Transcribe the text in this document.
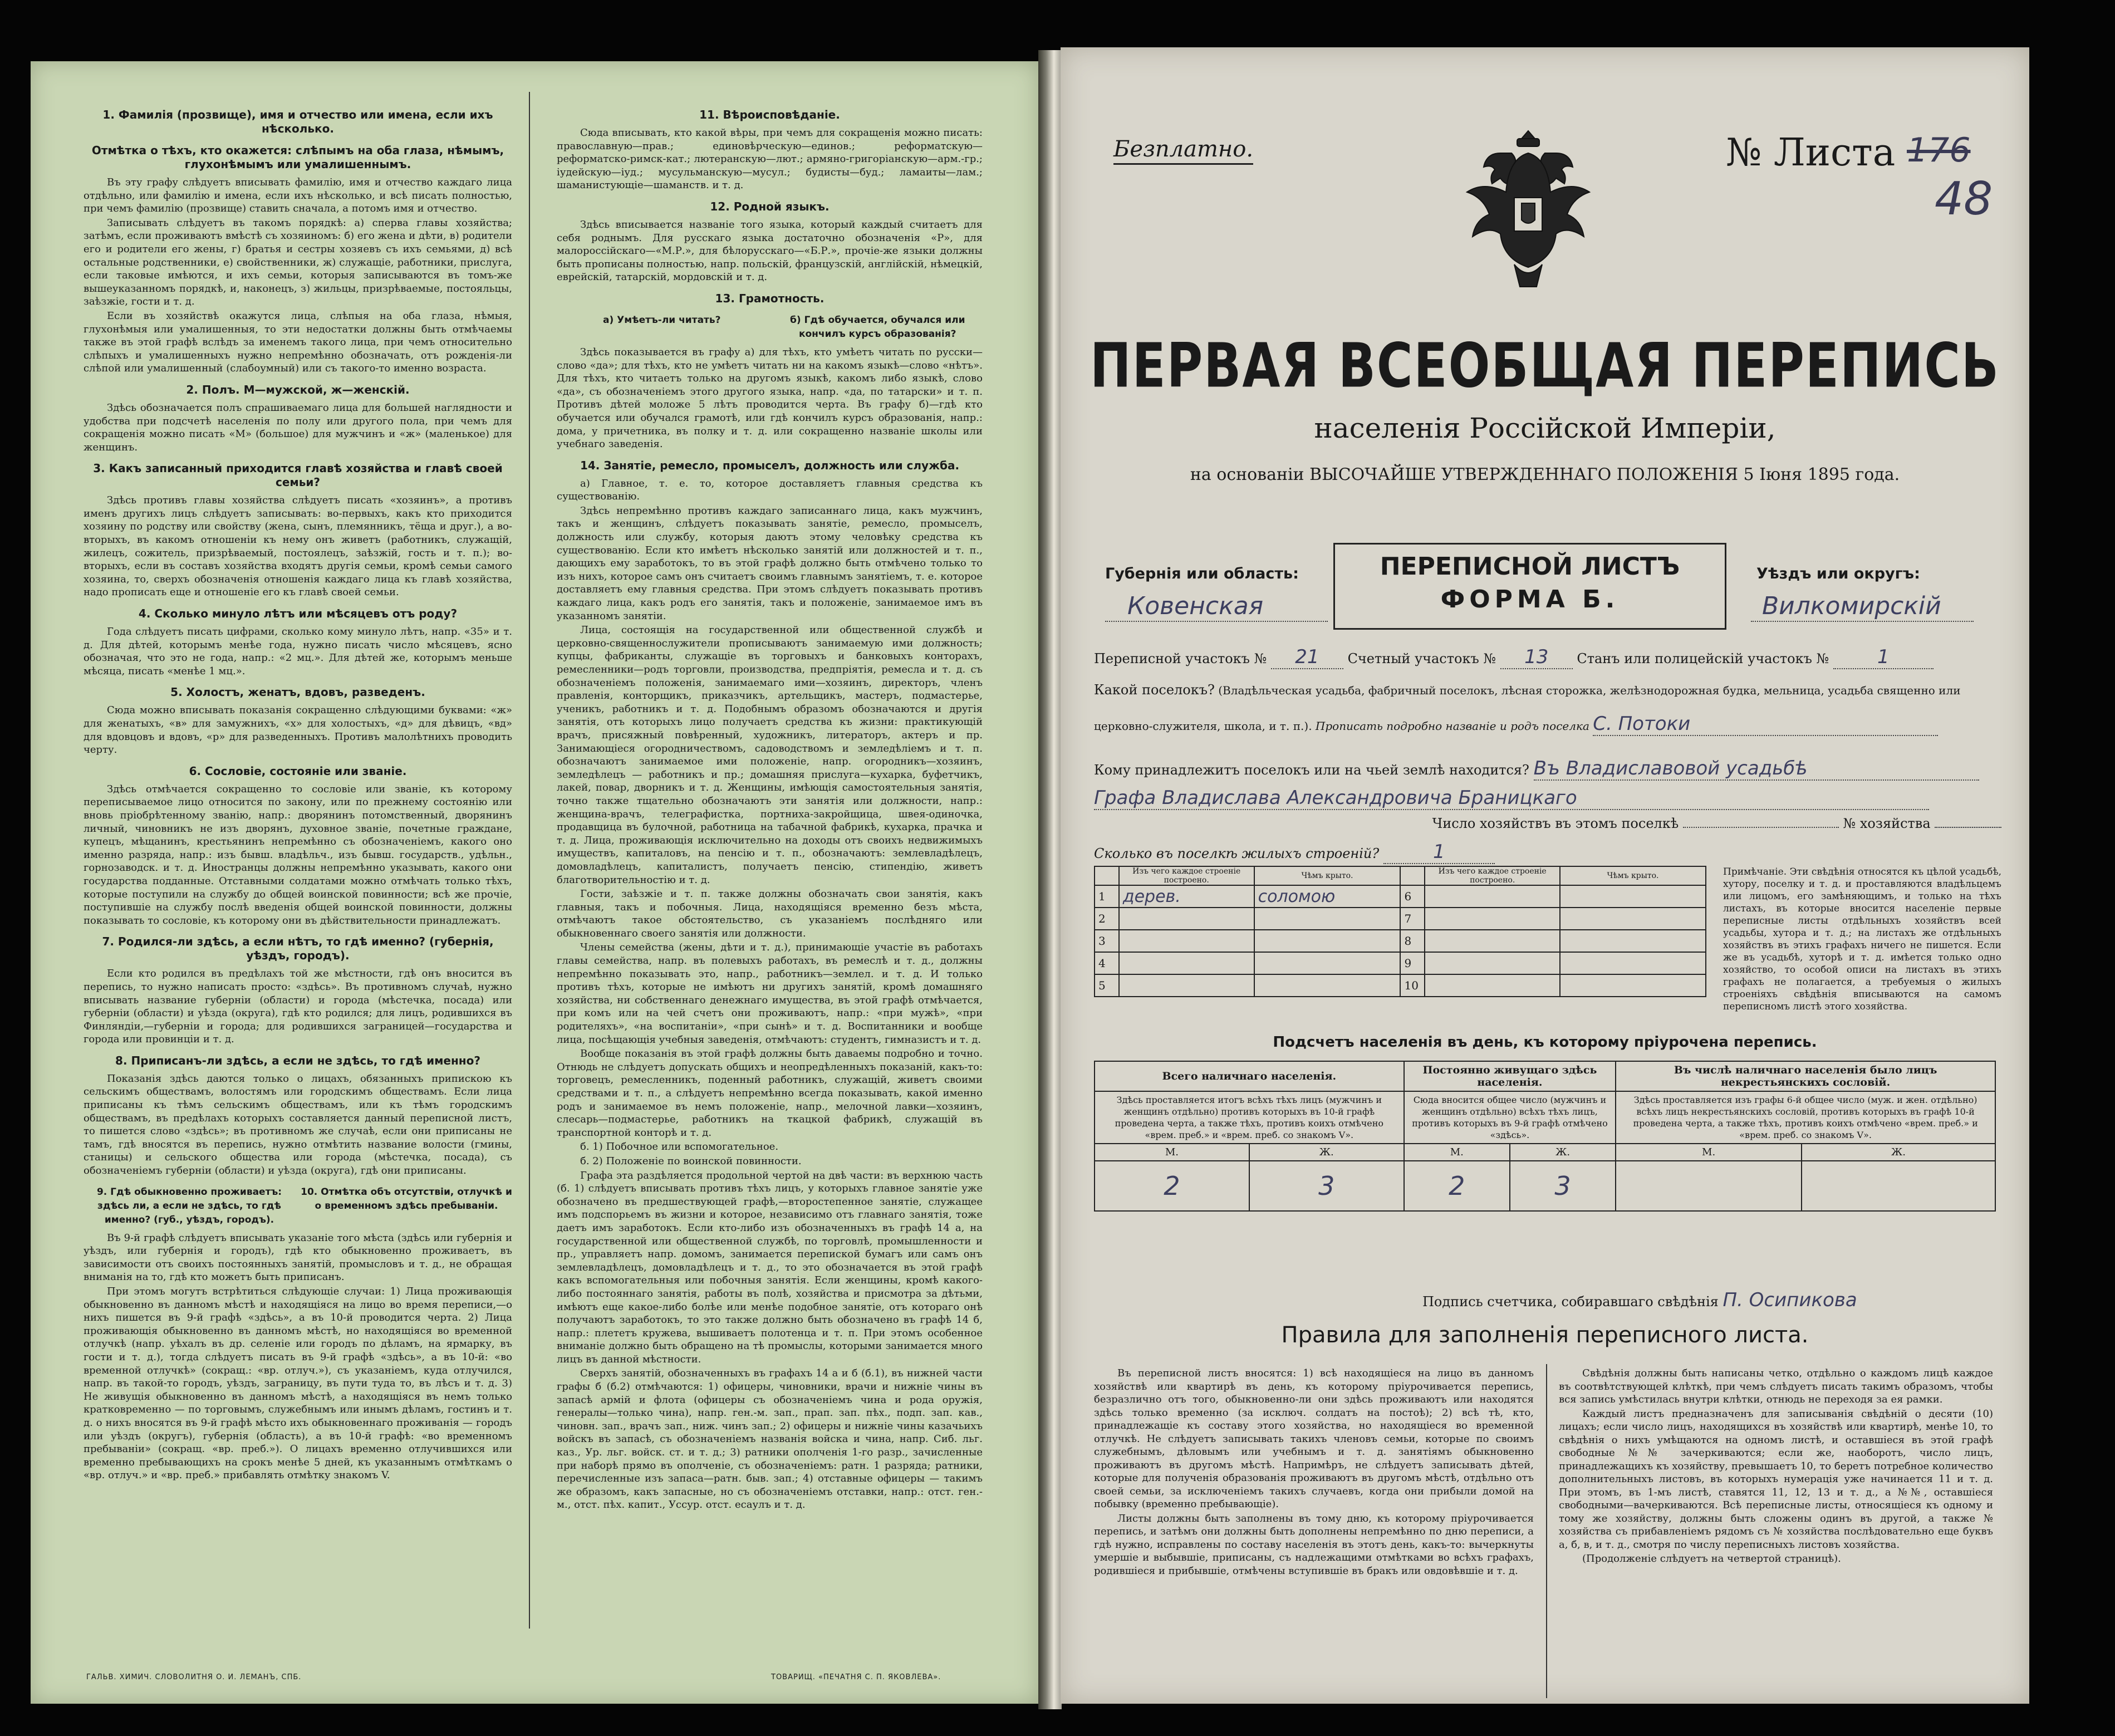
1. Фамилія (прозвище), имя и отчество или имена, если ихъ нѣсколько.
Отмѣтка о тѣхъ, кто окажется: слѣпымъ на оба глаза, нѣмымъ, глухонѣмымъ или умалишеннымъ.
Въ эту графу слѣдуетъ вписывать фамилію, имя и отчество каждаго лица отдѣльно, или фамилію и имена, если ихъ нѣсколько, и всѣ писать полностью, при чемъ фамилію (прозвище) ставить сначала, а потомъ имя и отчество.
Записывать слѣдуетъ въ такомъ порядкѣ: а) сперва главы хозяйства; затѣмъ, если проживаютъ вмѣстѣ съ хозяиномъ: б) его жена и дѣти, в) родители его и родители его жены, г) братья и сестры хозяевъ съ ихъ семьями, д) всѣ остальные родственники, е) свойственники, ж) служащіе, работники, прислуга, если таковые имѣются, и ихъ семьи, которыя записываются въ томъ-же вышеуказанномъ порядкѣ, и, наконецъ, з) жильцы, призрѣваемые, постояльцы, заѣзжіе, гости и т. д.
Если въ хозяйствѣ окажутся лица, слѣпыя на оба глаза, нѣмыя, глухонѣмыя или умалишенныя, то эти недостатки должны быть отмѣчаемы также въ этой графѣ вслѣдъ за именемъ такого лица, при чемъ относительно слѣпыхъ и умалишенныхъ нужно непремѣнно обозначать, отъ рожденія-ли слѣпой или умалишенный (слабоумный) или съ такого-то именно возраста.
2. Полъ. М—мужской, ж—женскій.
Здѣсь обозначается полъ спрашиваемаго лица для большей наглядности и удобства при подсчетѣ населенія по полу или другого пола, при чемъ для сокращенія можно писать «М» (большое) для мужчинъ и «ж» (маленькое) для женщинъ.
3. Какъ записанный приходится главѣ хозяйства и главѣ своей семьи?
Здѣсь противъ главы хозяйства слѣдуетъ писать «хозяинъ», а противъ именъ другихъ лицъ слѣдуетъ записывать: во-первыхъ, какъ кто приходится хозяину по родству или свойству (жена, сынъ, племянникъ, тёща и друг.), а во-вторыхъ, въ какомъ отношеніи къ нему онъ живетъ (работникъ, служащій, жилецъ, сожитель, призрѣваемый, постоялецъ, заѣзжій, гость и т. п.); во-вторыхъ, если въ составъ хозяйства входятъ другія семьи, кромѣ семьи самого хозяина, то, сверхъ обозначенія отношенія каждаго лица къ главѣ хозяйства, надо прописать еще и отношеніе его къ главѣ своей семьи.
4. Сколько минуло лѣтъ или мѣсяцевъ отъ роду?
Года слѣдуетъ писать цифрами, сколько кому минуло лѣтъ, напр. «35» и т. д. Для дѣтей, которымъ менѣе года, нужно писать число мѣсяцевъ, ясно обозначая, что это не года, напр.: «2 мц.». Для дѣтей же, которымъ меньше мѣсяца, писать «менѣе 1 мц.».
5. Холостъ, женатъ, вдовъ, разведенъ.
Сюда можно вписывать показанія сокращенно слѣдующими буквами: «ж» для женатыхъ, «в» для замужнихъ, «х» для холостыхъ, «д» для дѣвицъ, «вд» для вдовцовъ и вдовъ, «р» для разведенныхъ. Противъ малолѣтнихъ проводить черту.
6. Сословіе, состояніе или званіе.
Здѣсь отмѣчается сокращенно то сословіе или званіе, къ которому переписываемое лицо относится по закону, или по прежнему состоянію или вновь пріобрѣтенному званію, напр.: дворянинъ потомственный, дворянинъ личный, чиновникъ не изъ дворянъ, духовное званіе, почетные граждане, купецъ, мѣщанинъ, крестьянинъ непремѣнно съ обозначеніемъ, какого оно именно разряда, напр.: изъ бывш. владѣльч., изъ бывш. государств., удѣльн., горнозаводск. и т. д. Иностранцы должны непремѣнно указывать, какого они государства подданные. Отставными солдатами можно отмѣчать только тѣхъ, которые поступили на службу до общей воинской повинности; всѣ же прочіе, поступившіе на службу послѣ введенія общей воинской повинности, должны показывать то сословіе, къ которому они въ дѣйствительности принадлежатъ.
7. Родился-ли здѣсь, а если нѣтъ, то гдѣ именно? (губернія, уѣздъ, городъ).
Если кто родился въ предѣлахъ той же мѣстности, гдѣ онъ вносится въ перепись, то нужно написать просто: «здѣсь». Въ противномъ случаѣ, нужно вписывать название губерніи (области) и города (мѣстечка, посада) или губерніи (области) и уѣзда (округа), гдѣ кто родился; для лицъ, родившихся въ Финляндіи,—губерніи и города; для родившихся заграницей—государства и города или провинціи и т. д.
8. Приписанъ-ли здѣсь, а если не здѣсь, то гдѣ именно?
Показанія здѣсь даются только о лицахъ, обязанныхъ припискою къ сельскимъ обществамъ, волостямъ или городскимъ обществамъ. Если лица приписаны къ тѣмъ сельскимъ обществамъ, или къ тѣмъ городскимъ обществамъ, въ предѣлахъ которыхъ составляется данный переписной листъ, то пишется слово «здѣсь»; въ противномъ же случаѣ, если они приписаны не тамъ, гдѣ вносятся въ перепись, нужно отмѣтить название волости (гмины, станицы) и сельского общества или города (мѣстечка, посада), съ обозначеніемъ губерніи (области) и уѣзда (округа), гдѣ они приписаны.
9. Гдѣ обыкновенно проживаетъ: здѣсь ли, а если не здѣсь, то гдѣ именно? (губ., уѣздъ, городъ).
10. Отмѣтка объ отсутствіи, отлучкѣ и о временномъ здѣсь пребываніи.
Въ 9-й графѣ слѣдуетъ вписывать указаніе того мѣста (здѣсь или губернія и уѣздъ, или губернія и городъ), гдѣ кто обыкновенно проживаетъ, въ зависимости отъ своихъ постоянныхъ занятій, промысловъ и т. д., не обращая вниманія на то, гдѣ кто можетъ быть приписанъ.
При этомъ могутъ встрѣтиться слѣдующіе случаи: 1) Лица проживающія обыкновенно въ данномъ мѣстѣ и находящіяся на лицо во время переписи,—о нихъ пишется въ 9-й графѣ «здѣсь», а въ 10-й проводится черта. 2) Лица проживающія обыкновенно въ данномъ мѣстѣ, но находящіяся во временной отлучкѣ (напр. уѣхалъ въ др. селеніе или городъ по дѣламъ, на ярмарку, въ гости и т. д.), тогда слѣдуетъ писать въ 9-й графѣ «здѣсь», а въ 10-й: «во временной отлучкѣ» (сокращ.: «вр. отлуч.»), съ указаніемъ, куда отлучился, напр. въ такой-то городъ, уѣздъ, заграницу, въ пути туда то, въ лѣсъ и т. д. 3) Не живущія обыкновенно въ данномъ мѣстѣ, а находящіяся въ немъ только кратковременно — по торговымъ, служебнымъ или инымъ дѣламъ, гостинъ и т. д. о нихъ вносятся въ 9-й графѣ мѣсто ихъ обыкновеннаго проживанія — городъ или уѣздъ (округъ), губернія (область), а въ 10-й графѣ: «во временномъ пребываніи» (сокращ. «вр. преб.»). О лицахъ временно отлучившихся или временно пребывающихъ на срокъ менѣе 5 дней, къ указаннымъ отмѣткамъ о «вр. отлуч.» и «вр. преб.» прибавлять отмѣтку знакомъ V.
11. Вѣроисповѣданіе.
Сюда вписывать, кто какой вѣры, при чемъ для сокращенія можно писать: православную—прав.; единовѣрческую—единов.; реформатскую—реформатско-римск-кат.; лютеранскую—лют.; армяно-григоріанскую—арм.-гр.; іудейскую—іуд.; мусульманскую—мусул.; будисты—буд.; ламаиты—лам.; шаманистующіе—шаманств. и т. д.
12. Родной языкъ.
Здѣсь вписывается названіе того языка, который каждый считаетъ для себя роднымъ. Для русскаго языка достаточно обозначенія «Р», для малороссійскаго—«М.Р.», для бѣлорусскаго—«Б.Р.», прочіе-же языки должны быть прописаны полностью, напр. польскій, французскій, англійскій, нѣмецкій, еврейскій, татарскій, мордовскій и т. д.
13. Грамотность.
а) Умѣетъ-ли читать?	б) Гдѣ обучается, обучался или кончилъ курсъ образованія?
Здѣсь показывается въ графу а) для тѣхъ, кто умѣетъ читать по русски—слово «да»; для тѣхъ, кто не умѣетъ читать ни на какомъ языкѣ—слово «нѣтъ». Для тѣхъ, кто читаетъ только на другомъ языкѣ, какомъ либо языкѣ, слово «да», съ обозначеніемъ этого другого языка, напр. «да, по татарски» и т. п. Противъ дѣтей моложе 5 лѣтъ проводится черта. Въ графу б)—гдѣ кто обучается или обучался грамотѣ, или гдѣ кончилъ курсъ образованія, напр.: дома, у причетника, въ полку и т. д. или сокращенно названіе школы или учебнаго заведенія.
14. Занятіе, ремесло, промыселъ, должность или служба.
а) Главное, т. е. то, которое доставляетъ главныя средства къ существованію.
Здѣсь непремѣнно противъ каждаго записаннаго лица, какъ мужчинъ, такъ и женщинъ, слѣдуетъ показывать занятіе, ремесло, промыселъ, должность или службу, которыя даютъ этому человѣку средства къ существованію. Если кто имѣетъ нѣсколько занятій или должностей и т. п., дающихъ ему заработокъ, то въ этой графѣ должно быть отмѣчено только то изъ нихъ, которое самъ онъ считаетъ своимъ главнымъ занятіемъ, т. е. которое доставляетъ ему главныя средства. При этомъ слѣдуетъ показывать противъ каждаго лица, какъ родъ его занятія, такъ и положеніе, занимаемое имъ въ указанномъ занятіи.
Лица, состоящія на государственной или общественной службѣ и церковно-священнослужители прописываютъ занимаемую ими должность; купцы, фабриканты, служащіе въ торговыхъ и банковыхъ конторахъ, ремесленники—родъ торговли, производства, предпріятія, ремесла и т. д. съ обозначеніемъ положенія, занимаемаго ими—хозяинъ, директоръ, членъ правленія, конторщикъ, приказчикъ, артельщикъ, мастеръ, подмастерье, ученикъ, работникъ и т. д. Подобнымъ образомъ обозначаются и другія занятія, отъ которыхъ лицо получаетъ средства къ жизни: практикующій врачъ, присяжный повѣренный, художникъ, литераторъ, актеръ и пр. Занимающіеся огородничествомъ, садоводствомъ и земледѣліемъ и т. п. обозначаютъ занимаемое ими положеніе, напр. огородникъ—хозяинъ, земледѣлецъ — работникъ и пр.; домашняя прислуга—кухарка, буфетчикъ, лакей, повар, дворникъ и т. д. Женщины, имѣющія самостоятельныя занятія, точно также тщательно обозначаютъ эти занятія или должности, напр.: женщина-врачъ, телеграфистка, портниха-закройщица, швея-одиночка, продавщица въ булочной, работница на табачной фабрикѣ, кухарка, прачка и т. д. Лица, проживающія исключительно на доходы отъ своихъ недвижимыхъ имуществъ, капиталовъ, на пенсію и т. п., обозначаютъ: землевладѣлецъ, домовладѣлецъ, капиталистъ, получаетъ пенсію, стипендію, живетъ благотворительностію и т. д.
Гости, заѣзжіе и т. п. также должны обозначать свои занятія, какъ главныя, такъ и побочныя. Лица, находящіяся временно безъ мѣста, отмѣчаютъ такое обстоятельство, съ указаніемъ послѣдняго или обыкновеннаго своего занятія или должности.
Члены семейства (жены, дѣти и т. д.), принимающіе участіе въ работахъ главы семейства, напр. въ полевыхъ работахъ, въ ремеслѣ и т. д., должны непремѣнно показывать это, напр., работникъ—землел. и т. д. И только противъ тѣхъ, которые не имѣютъ ни другихъ занятій, кромѣ домашняго хозяйства, ни собственнаго денежнаго имущества, въ этой графѣ отмѣчается, при комъ или на чей счетъ они проживаютъ, напр.: «при мужѣ», «при родителяхъ», «на воспитаніи», «при сынѣ» и т. д. Воспитанники и вообще лица, посѣщающія учебныя заведенія, отмѣчаютъ: студентъ, гимназистъ и т. д.
Вообще показанія въ этой графѣ должны быть даваемы подробно и точно. Отнюдь не слѣдуетъ допускать общихъ и неопредѣленныхъ показаній, какъ-то: торговецъ, ремесленникъ, поденный работникъ, служащій, живетъ своими средствами и т. п., а слѣдуетъ непремѣнно всегда показывать, какой именно родъ и занимаемое въ немъ положеніе, напр., мелочной лавки—хозяинъ, слесарь—подмастерье, работникъ на ткацкой фабрикѣ, служащій въ транспортной конторѣ и т. д.
б. 1) Побочное или вспомогательное.
б. 2) Положеніе по воинской повинности.
Графа эта раздѣляется продольной чертой на двѣ части: въ верхнюю часть (б. 1) слѣдуетъ вписывать противъ тѣхъ лицъ, у которыхъ главное занятіе уже обозначено въ предшествующей графѣ,—второстепенное занятіе, служащее имъ подспорьемъ въ жизни и которое, независимо отъ главнаго занятія, тоже даетъ имъ заработокъ. Если кто-либо изъ обозначенныхъ въ графѣ 14 а, на государственной или общественной службѣ, по торговлѣ, промышленности и пр., управляетъ напр. домомъ, занимается перепиской бумагъ или самъ онъ землевладѣлецъ, домовладѣлецъ и т. д., то это обозначается въ этой графѣ какъ вспомогательныя или побочныя занятія. Если женщины, кромѣ какого-либо постояннаго занятія, работы въ полѣ, хозяйства и присмотра за дѣтьми, имѣютъ еще какое-либо болѣе или менѣе подобное занятіе, отъ котораго онѣ получаютъ заработокъ, то это также должно быть обозначено въ графѣ 14 б, напр.: плететъ кружева, вышиваетъ полотенца и т. п. При этомъ особенное вниманіе должно быть обращено на тѣ промыслы, которыми занимается много лицъ въ данной мѣстности.
Сверхъ занятій, обозначенныхъ въ графахъ 14 а и б (б.1), въ нижней части графы б (б.2) отмѣчаются: 1) офицеры, чиновники, врачи и нижніе чины въ запасѣ армій и флота (офицеры съ обозначеніемъ чина и рода оружія, генералы—только чина), напр. ген.-м. зап., прап. зап. пѣх., подп. зап. кав., чиновн. зап., врачъ зап., ниж. чинъ зап.; 2) офицеры и нижніе чины казачьихъ войскъ въ запасѣ, съ обозначеніемъ названія войска и чина, напр. Сиб. льг. каз., Ур. льг. войск. ст. и т. д.; 3) ратники ополченія 1-го разр., зачисленные при наборѣ прямо въ ополченіе, съ обозначеніемъ: ратн. 1 разряда; ратники, перечисленные изъ запаса—ратн. быв. зап.; 4) отставные офицеры — такимъ же образомъ, какъ запасные, но съ обозначеніемъ отставки, напр.: отст. ген.-м., отст. пѣх. капит., Уссур. отст. есаулъ и т. д.
ГАЛЬВ. ХИМИЧ. СЛОВОЛИТНЯ О. И. ЛЕМАНЪ, СПБ.	ТОВАРИЩ. «ПЕЧАТНЯ С. П. ЯКОВЛЕВА».
Безплатно.	№ Листа 176
48
ПЕРВАЯ ВСЕОБЩАЯ ПЕРЕПИСЬ
населенія Россійской Имперіи,
на основаніи ВЫСОЧАЙШЕ УТВЕРЖДЕННАГО ПОЛОЖЕНІЯ 5 Іюня 1895 года.
Губернія или область:
Ковенская
ПЕРЕПИСНОЙ ЛИСТЪ
ФОРМА Б.
Уѣздъ или округъ:
Вилкомирскій
Переписной участокъ № 21 Счетный участокъ № 13 Станъ или полицейскій участокъ №	1
Какой поселокъ? (Владѣльческая усадьба, фабричный поселокъ, лѣсная сторожка, желѣзнодорожная будка, мельница, усадьба священно или
церковно-служителя, школа, и т. п.). Прописать подробно названіе и родъ поселка С. Потоки
Кому принадлежитъ поселокъ или на чьей землѣ находится? Въ Владиславовой усадьбѣ
Графа Владислава Александровича Браницкаго
Число хозяйствъ въ этомъ поселкѣ	№ хозяйства
Сколько въ поселкѣ жилыхъ строеній?	1
	Изъ чего каждое строеніе построено.	Чѣмъ крыто.		Изъ чего каждое строеніе построено.	Чѣмъ крыто.
1	дерев.	соломою	6		
2			7		
3			8		
4			9		
5			10		
Примѣчаніе. Эти свѣдѣнія относятся къ цѣлой усадьбѣ, хутору, поселку и т. д. и проставляются владѣльцемъ или лицомъ, его замѣняющимъ, и только на тѣхъ листахъ, въ которые вносится населеніе первые переписные листы отдѣльныхъ хозяйствъ всей усадьбы, хутора и т. д.; на листахъ же отдѣльныхъ хозяйствъ въ этихъ графахъ ничего не пишется. Если же въ усадьбѣ, хуторѣ и т. д. имѣется только одно хозяйство, то особой описи на листахъ въ этихъ графахъ не полагается, а требуемыя о жилыхъ строеніяхъ свѣдѣнія вписываются на самомъ переписномъ листѣ этого хозяйства.
Подсчетъ населенія въ день, къ которому пріурочена перепись.
Всего наличнаго населенія.		Постоянно живущаго здѣсь населенія.		Въ числѣ наличнаго населенія было лицъ некрестьянскихъ сословій.	
Здѣсь проставляется итогъ всѣхъ тѣхъ лицъ (мужчинъ и женщинъ отдѣльно) противъ которыхъ въ 10-й графѣ проведена черта, а также тѣхъ, противъ коихъ отмѣчено «врем. преб.» и «врем. преб. со знакомъ V».		Сюда вносится общее число (мужчинъ и женщинъ отдѣльно) всѣхъ тѣхъ лицъ, противъ которыхъ въ 9-й графѣ отмѣчено «здѣсь».		Здѣсь проставляется изъ графы 6-й общее число (муж. и жен. отдѣльно) всѣхъ лицъ некрестьянскихъ сословій, противъ которыхъ въ графѣ 10-й проведена черта, а также тѣхъ, противъ коихъ отмѣчено «врем. преб.» и «врем. преб. со знакомъ V».	
М.	Ж.	М.	Ж.	М.	Ж.
2	3	2	3		
Подпись счетчика, собиравшаго свѣдѣнія П. Осипикова
Правила для заполненія переписного листа.
Въ переписной листъ вносятся: 1) всѣ находящіеся на лицо въ данномъ хозяйствѣ или квартирѣ въ день, къ которому пріурочивается перепись, безразлично отъ того, обыкновенно-ли они здѣсь проживаютъ или находятся здѣсь только временно (за исключ. солдатъ на постоѣ); 2) всѣ тѣ, кто, принадлежащіе къ составу этого хозяйства, но находящіеся во временной отлучкѣ. Не слѣдуетъ записывать такихъ членовъ семьи, которые по своимъ служебнымъ, дѣловымъ или учебнымъ и т. д. занятіямъ обыкновенно проживаютъ въ другомъ мѣстѣ. Напримѣръ, не слѣдуетъ записывать дѣтей, которые для полученія образованія проживаютъ въ другомъ мѣстѣ, отдѣльно отъ своей семьи, за исключеніемъ такихъ случаевъ, когда они прибыли домой на побывку (временно пребывающіе).
Листы должны быть заполнены въ тому дню, къ которому пріурочивается перепись, и затѣмъ они должны быть дополнены непремѣнно по дню переписи, а гдѣ нужно, исправлены по составу населенія въ этотъ день, какъ-то: вычеркнуты умершіе и выбывшіе, приписаны, съ надлежащими отмѣтками во всѣхъ графахъ, родившіеся и прибывшіе, отмѣчены вступившіе въ бракъ или овдовѣвшіе и т. д.
Свѣдѣнія должны быть написаны четко, отдѣльно о каждомъ лицѣ каждое въ соотвѣтствующей клѣткѣ, при чемъ слѣдуетъ писать такимъ образомъ, чтобы вся запись умѣстилась внутри клѣтки, отнюдь не переходя за ея рамки.
Каждый листъ предназначенъ для записыванія свѣдѣній о десяти (10) лицахъ; если число лицъ, находящихся въ хозяйствѣ или квартирѣ, менѣе 10, то свѣдѣнія о нихъ умѣщаются на одномъ листѣ, и оставшіеся въ этой графѣ свободные №№ зачеркиваются; если же, наоборотъ, число лицъ, принадлежащихъ къ хозяйству, превышаетъ 10, то беретъ потребное количество дополнительныхъ листовъ, въ которыхъ нумерація уже начинается 11 и т. д. При этомъ, въ 1-мъ листѣ, ставятся 11, 12, 13 и т. д., а №№, оставшіеся свободными—вачеркиваются. Всѣ переписные листы, относящіеся къ одному и тому же хозяйству, должны быть сложены одинъ въ другой, а также № хозяйства съ прибавленіемъ рядомъ съ № хозяйства послѣдовательно еще буквъ а, б, в, и т. д., смотря по числу переписныхъ листовъ хозяйства.
(Продолженіе слѣдуетъ на четвертой страницѣ).
